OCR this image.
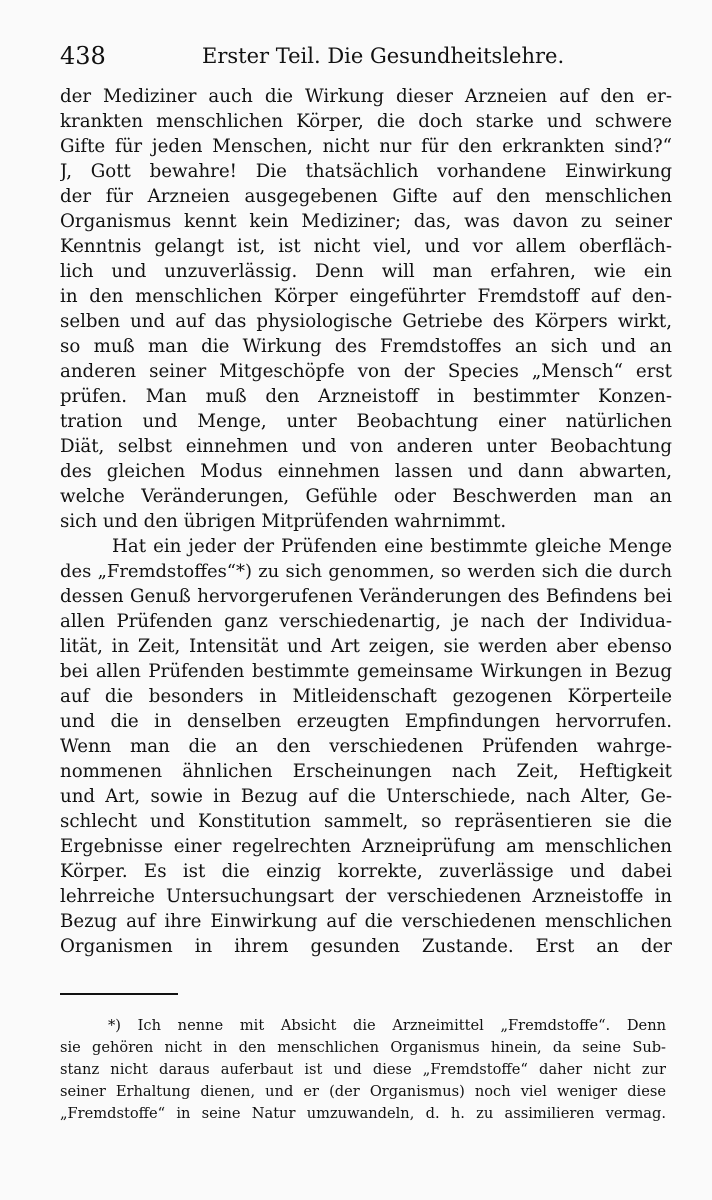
438	Erster Teil. Die Gesundheitslehre.
der Mediziner auch die Wirkung dieser Arzneien auf den er-
krankten menschlichen Körper, die doch starke und schwere
Gifte für jeden Menschen, nicht nur für den erkrankten sind?“
J, Gott bewahre! Die thatsächlich vorhandene Einwirkung
der für Arzneien ausgegebenen Gifte auf den menschlichen
Organismus kennt kein Mediziner; das, was davon zu seiner
Kenntnis gelangt ist, ist nicht viel, und vor allem oberfläch-
lich und unzuverlässig. Denn will man erfahren, wie ein
in den menschlichen Körper eingeführter Fremdstoff auf den-
selben und auf das physiologische Getriebe des Körpers wirkt,
so muß man die Wirkung des Fremdstoffes an sich und an
anderen seiner Mitgeschöpfe von der Species „Mensch“ erst
prüfen. Man muß den Arzneistoff in bestimmter Konzen-
tration und Menge, unter Beobachtung einer natürlichen
Diät, selbst einnehmen und von anderen unter Beobachtung
des gleichen Modus einnehmen lassen und dann abwarten,
welche Veränderungen, Gefühle oder Beschwerden man an
sich und den übrigen Mitprüfenden wahrnimmt.
Hat ein jeder der Prüfenden eine bestimmte gleiche Menge
des „Fremdstoffes“*) zu sich genommen, so werden sich die durch
dessen Genuß hervorgerufenen Veränderungen des Befindens bei
allen Prüfenden ganz verschiedenartig, je nach der Individua-
lität, in Zeit, Intensität und Art zeigen, sie werden aber ebenso
bei allen Prüfenden bestimmte gemeinsame Wirkungen in Bezug
auf die besonders in Mitleidenschaft gezogenen Körperteile
und die in denselben erzeugten Empfindungen hervorrufen.
Wenn man die an den verschiedenen Prüfenden wahrge-
nommenen ähnlichen Erscheinungen nach Zeit, Heftigkeit
und Art, sowie in Bezug auf die Unterschiede, nach Alter, Ge-
schlecht und Konstitution sammelt, so repräsentieren sie die
Ergebnisse einer regelrechten Arzneiprüfung am menschlichen
Körper. Es ist die einzig korrekte, zuverlässige und dabei
lehrreiche Untersuchungsart der verschiedenen Arzneistoffe in
Bezug auf ihre Einwirkung auf die verschiedenen menschlichen
Organismen in ihrem gesunden Zustande. Erst an der
*) Ich nenne mit Absicht die Arzneimittel „Fremdstoffe“. Denn
sie gehören nicht in den menschlichen Organismus hinein, da seine Sub-
stanz nicht daraus auferbaut ist und diese „Fremdstoffe“ daher nicht zur
seiner Erhaltung dienen, und er (der Organismus) noch viel weniger diese
„Fremdstoffe“ in seine Natur umzuwandeln, d. h. zu assimilieren vermag.
